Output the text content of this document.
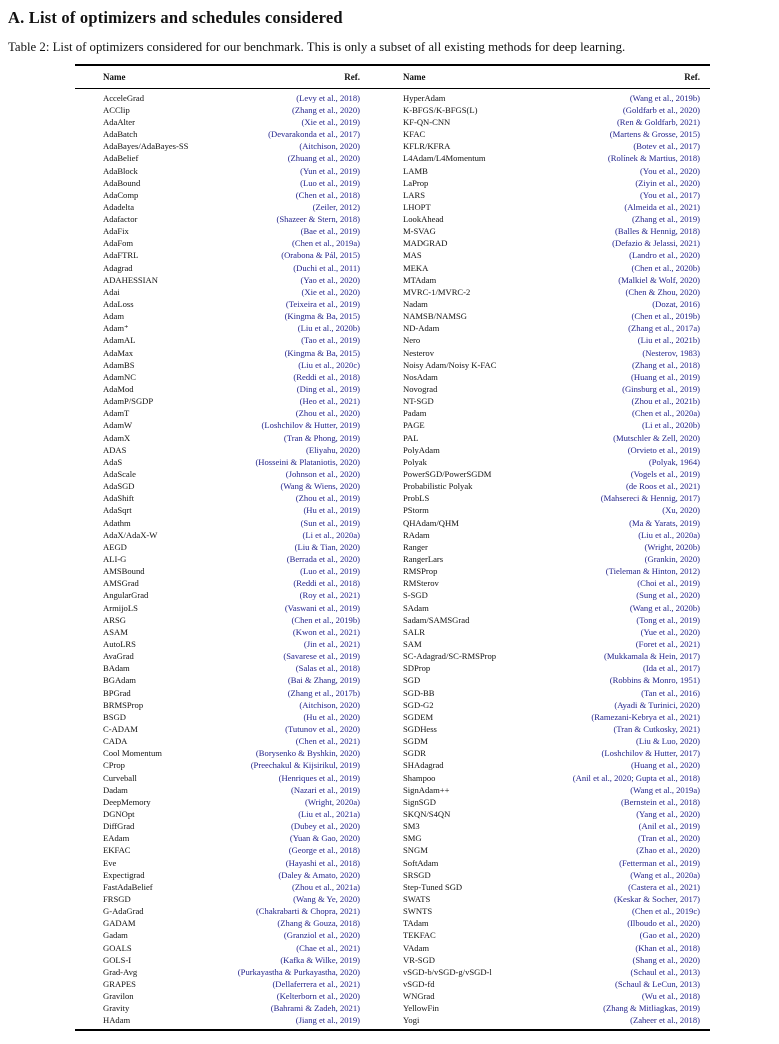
A. List of optimizers and schedules considered
Table 2: List of optimizers considered for our benchmark. This is only a subset of all existing methods for deep learning.
Name	Ref.	Name	Ref.
AcceleGrad	(Levy et al., 2018)	HyperAdam	(Wang et al., 2019b)
ACClip	(Zhang et al., 2020)	K-BFGS/K-BFGS(L)	(Goldfarb et al., 2020)
AdaAlter	(Xie et al., 2019)	KF-QN-CNN	(Ren & Goldfarb, 2021)
AdaBatch	(Devarakonda et al., 2017)	KFAC	(Martens & Grosse, 2015)
AdaBayes/AdaBayes-SS	(Aitchison, 2020)	KFLR/KFRA	(Botev et al., 2017)
AdaBelief	(Zhuang et al., 2020)	L4Adam/L4Momentum	(Rolínek & Martius, 2018)
AdaBlock	(Yun et al., 2019)	LAMB	(You et al., 2020)
AdaBound	(Luo et al., 2019)	LaProp	(Ziyin et al., 2020)
AdaComp	(Chen et al., 2018)	LARS	(You et al., 2017)
Adadelta	(Zeiler, 2012)	LHOPT	(Almeida et al., 2021)
Adafactor	(Shazeer & Stern, 2018)	LookAhead	(Zhang et al., 2019)
AdaFix	(Bae et al., 2019)	M-SVAG	(Balles & Hennig, 2018)
AdaFom	(Chen et al., 2019a)	MADGRAD	(Defazio & Jelassi, 2021)
AdaFTRL	(Orabona & Pál, 2015)	MAS	(Landro et al., 2020)
Adagrad	(Duchi et al., 2011)	MEKA	(Chen et al., 2020b)
ADAHESSIAN	(Yao et al., 2020)	MTAdam	(Malkiel & Wolf, 2020)
Adai	(Xie et al., 2020)	MVRC-1/MVRC-2	(Chen & Zhou, 2020)
AdaLoss	(Teixeira et al., 2019)	Nadam	(Dozat, 2016)
Adam	(Kingma & Ba, 2015)	NAMSB/NAMSG	(Chen et al., 2019b)
Adam⁺	(Liu et al., 2020b)	ND-Adam	(Zhang et al., 2017a)
AdamAL	(Tao et al., 2019)	Nero	(Liu et al., 2021b)
AdaMax	(Kingma & Ba, 2015)	Nesterov	(Nesterov, 1983)
AdamBS	(Liu et al., 2020c)	Noisy Adam/Noisy K-FAC	(Zhang et al., 2018)
AdamNC	(Reddi et al., 2018)	NosAdam	(Huang et al., 2019)
AdaMod	(Ding et al., 2019)	Novograd	(Ginsburg et al., 2019)
AdamP/SGDP	(Heo et al., 2021)	NT-SGD	(Zhou et al., 2021b)
AdamT	(Zhou et al., 2020)	Padam	(Chen et al., 2020a)
AdamW	(Loshchilov & Hutter, 2019)	PAGE	(Li et al., 2020b)
AdamX	(Tran & Phong, 2019)	PAL	(Mutschler & Zell, 2020)
ADAS	(Eliyahu, 2020)	PolyAdam	(Orvieto et al., 2019)
AdaS	(Hosseini & Plataniotis, 2020)	Polyak	(Polyak, 1964)
AdaScale	(Johnson et al., 2020)	PowerSGD/PowerSGDM	(Vogels et al., 2019)
AdaSGD	(Wang & Wiens, 2020)	Probabilistic Polyak	(de Roos et al., 2021)
AdaShift	(Zhou et al., 2019)	ProbLS	(Mahsereci & Hennig, 2017)
AdaSqrt	(Hu et al., 2019)	PStorm	(Xu, 2020)
Adathm	(Sun et al., 2019)	QHAdam/QHM	(Ma & Yarats, 2019)
AdaX/AdaX-W	(Li et al., 2020a)	RAdam	(Liu et al., 2020a)
AEGD	(Liu & Tian, 2020)	Ranger	(Wright, 2020b)
ALI-G	(Berrada et al., 2020)	RangerLars	(Grankin, 2020)
AMSBound	(Luo et al., 2019)	RMSProp	(Tieleman & Hinton, 2012)
AMSGrad	(Reddi et al., 2018)	RMSterov	(Choi et al., 2019)
AngularGrad	(Roy et al., 2021)	S-SGD	(Sung et al., 2020)
ArmijoLS	(Vaswani et al., 2019)	SAdam	(Wang et al., 2020b)
ARSG	(Chen et al., 2019b)	Sadam/SAMSGrad	(Tong et al., 2019)
ASAM	(Kwon et al., 2021)	SALR	(Yue et al., 2020)
AutoLRS	(Jin et al., 2021)	SAM	(Foret et al., 2021)
AvaGrad	(Savarese et al., 2019)	SC-Adagrad/SC-RMSProp	(Mukkamala & Hein, 2017)
BAdam	(Salas et al., 2018)	SDProp	(Ida et al., 2017)
BGAdam	(Bai & Zhang, 2019)	SGD	(Robbins & Monro, 1951)
BPGrad	(Zhang et al., 2017b)	SGD-BB	(Tan et al., 2016)
BRMSProp	(Aitchison, 2020)	SGD-G2	(Ayadi & Turinici, 2020)
BSGD	(Hu et al., 2020)	SGDEM	(Ramezani-Kebrya et al., 2021)
C-ADAM	(Tutunov et al., 2020)	SGDHess	(Tran & Cutkosky, 2021)
CADA	(Chen et al., 2021)	SGDM	(Liu & Luo, 2020)
Cool Momentum	(Borysenko & Byshkin, 2020)	SGDR	(Loshchilov & Hutter, 2017)
CProp	(Preechakul & Kijsirikul, 2019)	SHAdagrad	(Huang et al., 2020)
Curveball	(Henriques et al., 2019)	Shampoo	(Anil et al., 2020; Gupta et al., 2018)
Dadam	(Nazari et al., 2019)	SignAdam++	(Wang et al., 2019a)
DeepMemory	(Wright, 2020a)	SignSGD	(Bernstein et al., 2018)
DGNOpt	(Liu et al., 2021a)	SKQN/S4QN	(Yang et al., 2020)
DiffGrad	(Dubey et al., 2020)	SM3	(Anil et al., 2019)
EAdam	(Yuan & Gao, 2020)	SMG	(Tran et al., 2020)
EKFAC	(George et al., 2018)	SNGM	(Zhao et al., 2020)
Eve	(Hayashi et al., 2018)	SoftAdam	(Fetterman et al., 2019)
Expectigrad	(Daley & Amato, 2020)	SRSGD	(Wang et al., 2020a)
FastAdaBelief	(Zhou et al., 2021a)	Step-Tuned SGD	(Castera et al., 2021)
FRSGD	(Wang & Ye, 2020)	SWATS	(Keskar & Socher, 2017)
G-AdaGrad	(Chakrabarti & Chopra, 2021)	SWNTS	(Chen et al., 2019c)
GADAM	(Zhang & Gouza, 2018)	TAdam	(Ilboudo et al., 2020)
Gadam	(Granziol et al., 2020)	TEKFAC	(Gao et al., 2020)
GOALS	(Chae et al., 2021)	VAdam	(Khan et al., 2018)
GOLS-I	(Kafka & Wilke, 2019)	VR-SGD	(Shang et al., 2020)
Grad-Avg	(Purkayastha & Purkayastha, 2020)	vSGD-b/vSGD-g/vSGD-l	(Schaul et al., 2013)
GRAPES	(Dellaferrera et al., 2021)	vSGD-fd	(Schaul & LeCun, 2013)
Gravilon	(Kelterborn et al., 2020)	WNGrad	(Wu et al., 2018)
Gravity	(Bahrami & Zadeh, 2021)	YellowFin	(Zhang & Mitliagkas, 2019)
HAdam	(Jiang et al., 2019)	Yogi	(Zaheer et al., 2018)
